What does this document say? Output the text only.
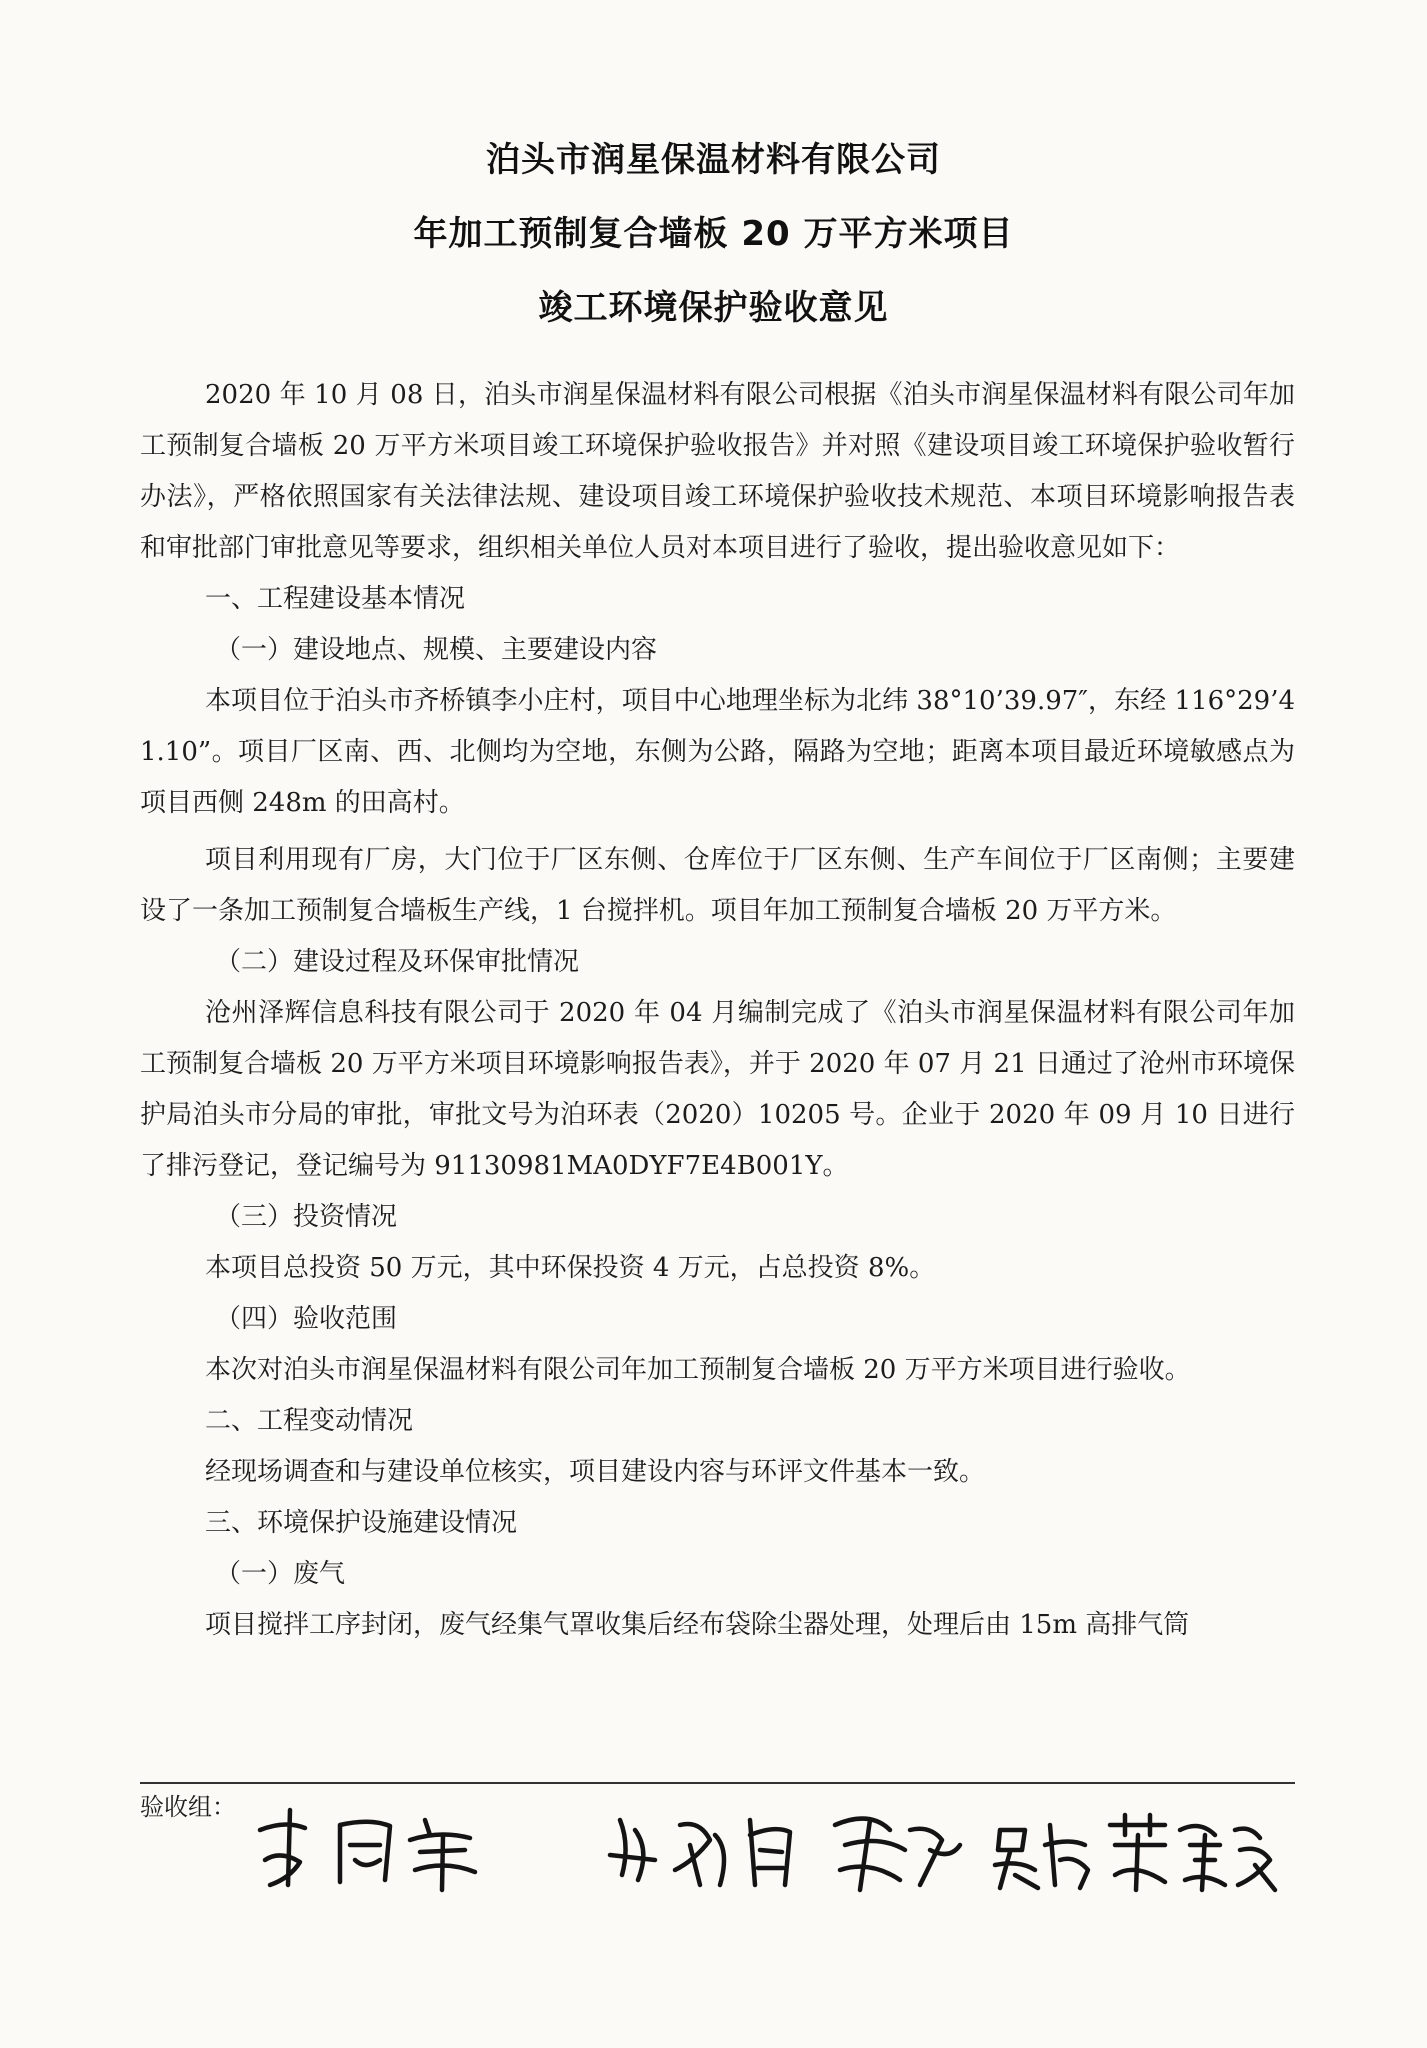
泊头市润星保温材料有限公司
年加工预制复合墙板 20 万平方米项目
竣工环境保护验收意见

2020 年 10 月 08 日，泊头市润星保温材料有限公司根据《泊头市润星保温材料有限公司年加工预制复合墙板 20 万平方米项目竣工环境保护验收报告》并对照《建设项目竣工环境保护验收暂行办法》，严格依照国家有关法律法规、建设项目竣工环境保护验收技术规范、本项目环境影响报告表和审批部门审批意见等要求，组织相关单位人员对本项目进行了验收，提出验收意见如下：

一、工程建设基本情况

（一）建设地点、规模、主要建设内容

本项目位于泊头市齐桥镇李小庄村，项目中心地理坐标为北纬 38°10’39.97″，东经 116°29’41.10”。项目厂区南、西、北侧均为空地，东侧为公路，隔路为空地；距离本项目最近环境敏感点为项目西侧 248m 的田高村。

项目利用现有厂房，大门位于厂区东侧、仓库位于厂区东侧、生产车间位于厂区南侧；主要建设了一条加工预制复合墙板生产线，1 台搅拌机。项目年加工预制复合墙板 20 万平方米。

（二）建设过程及环保审批情况

沧州泽辉信息科技有限公司于 2020 年 04 月编制完成了《泊头市润星保温材料有限公司年加工预制复合墙板 20 万平方米项目环境影响报告表》，并于 2020 年 07 月 21 日通过了沧州市环境保护局泊头市分局的审批，审批文号为泊环表（2020）10205 号。企业于 2020 年 09 月 10 日进行了排污登记，登记编号为 91130981MA0DYF7E4B001Y。

（三）投资情况

本项目总投资 50 万元，其中环保投资 4 万元，占总投资 8%。

（四）验收范围

本次对泊头市润星保温材料有限公司年加工预制复合墙板 20 万平方米项目进行验收。

二、工程变动情况

经现场调查和与建设单位核实，项目建设内容与环评文件基本一致。

三、环境保护设施建设情况

（一）废气

项目搅拌工序封闭，废气经集气罩收集后经布袋除尘器处理，处理后由 15m 高排气筒

验收组：
